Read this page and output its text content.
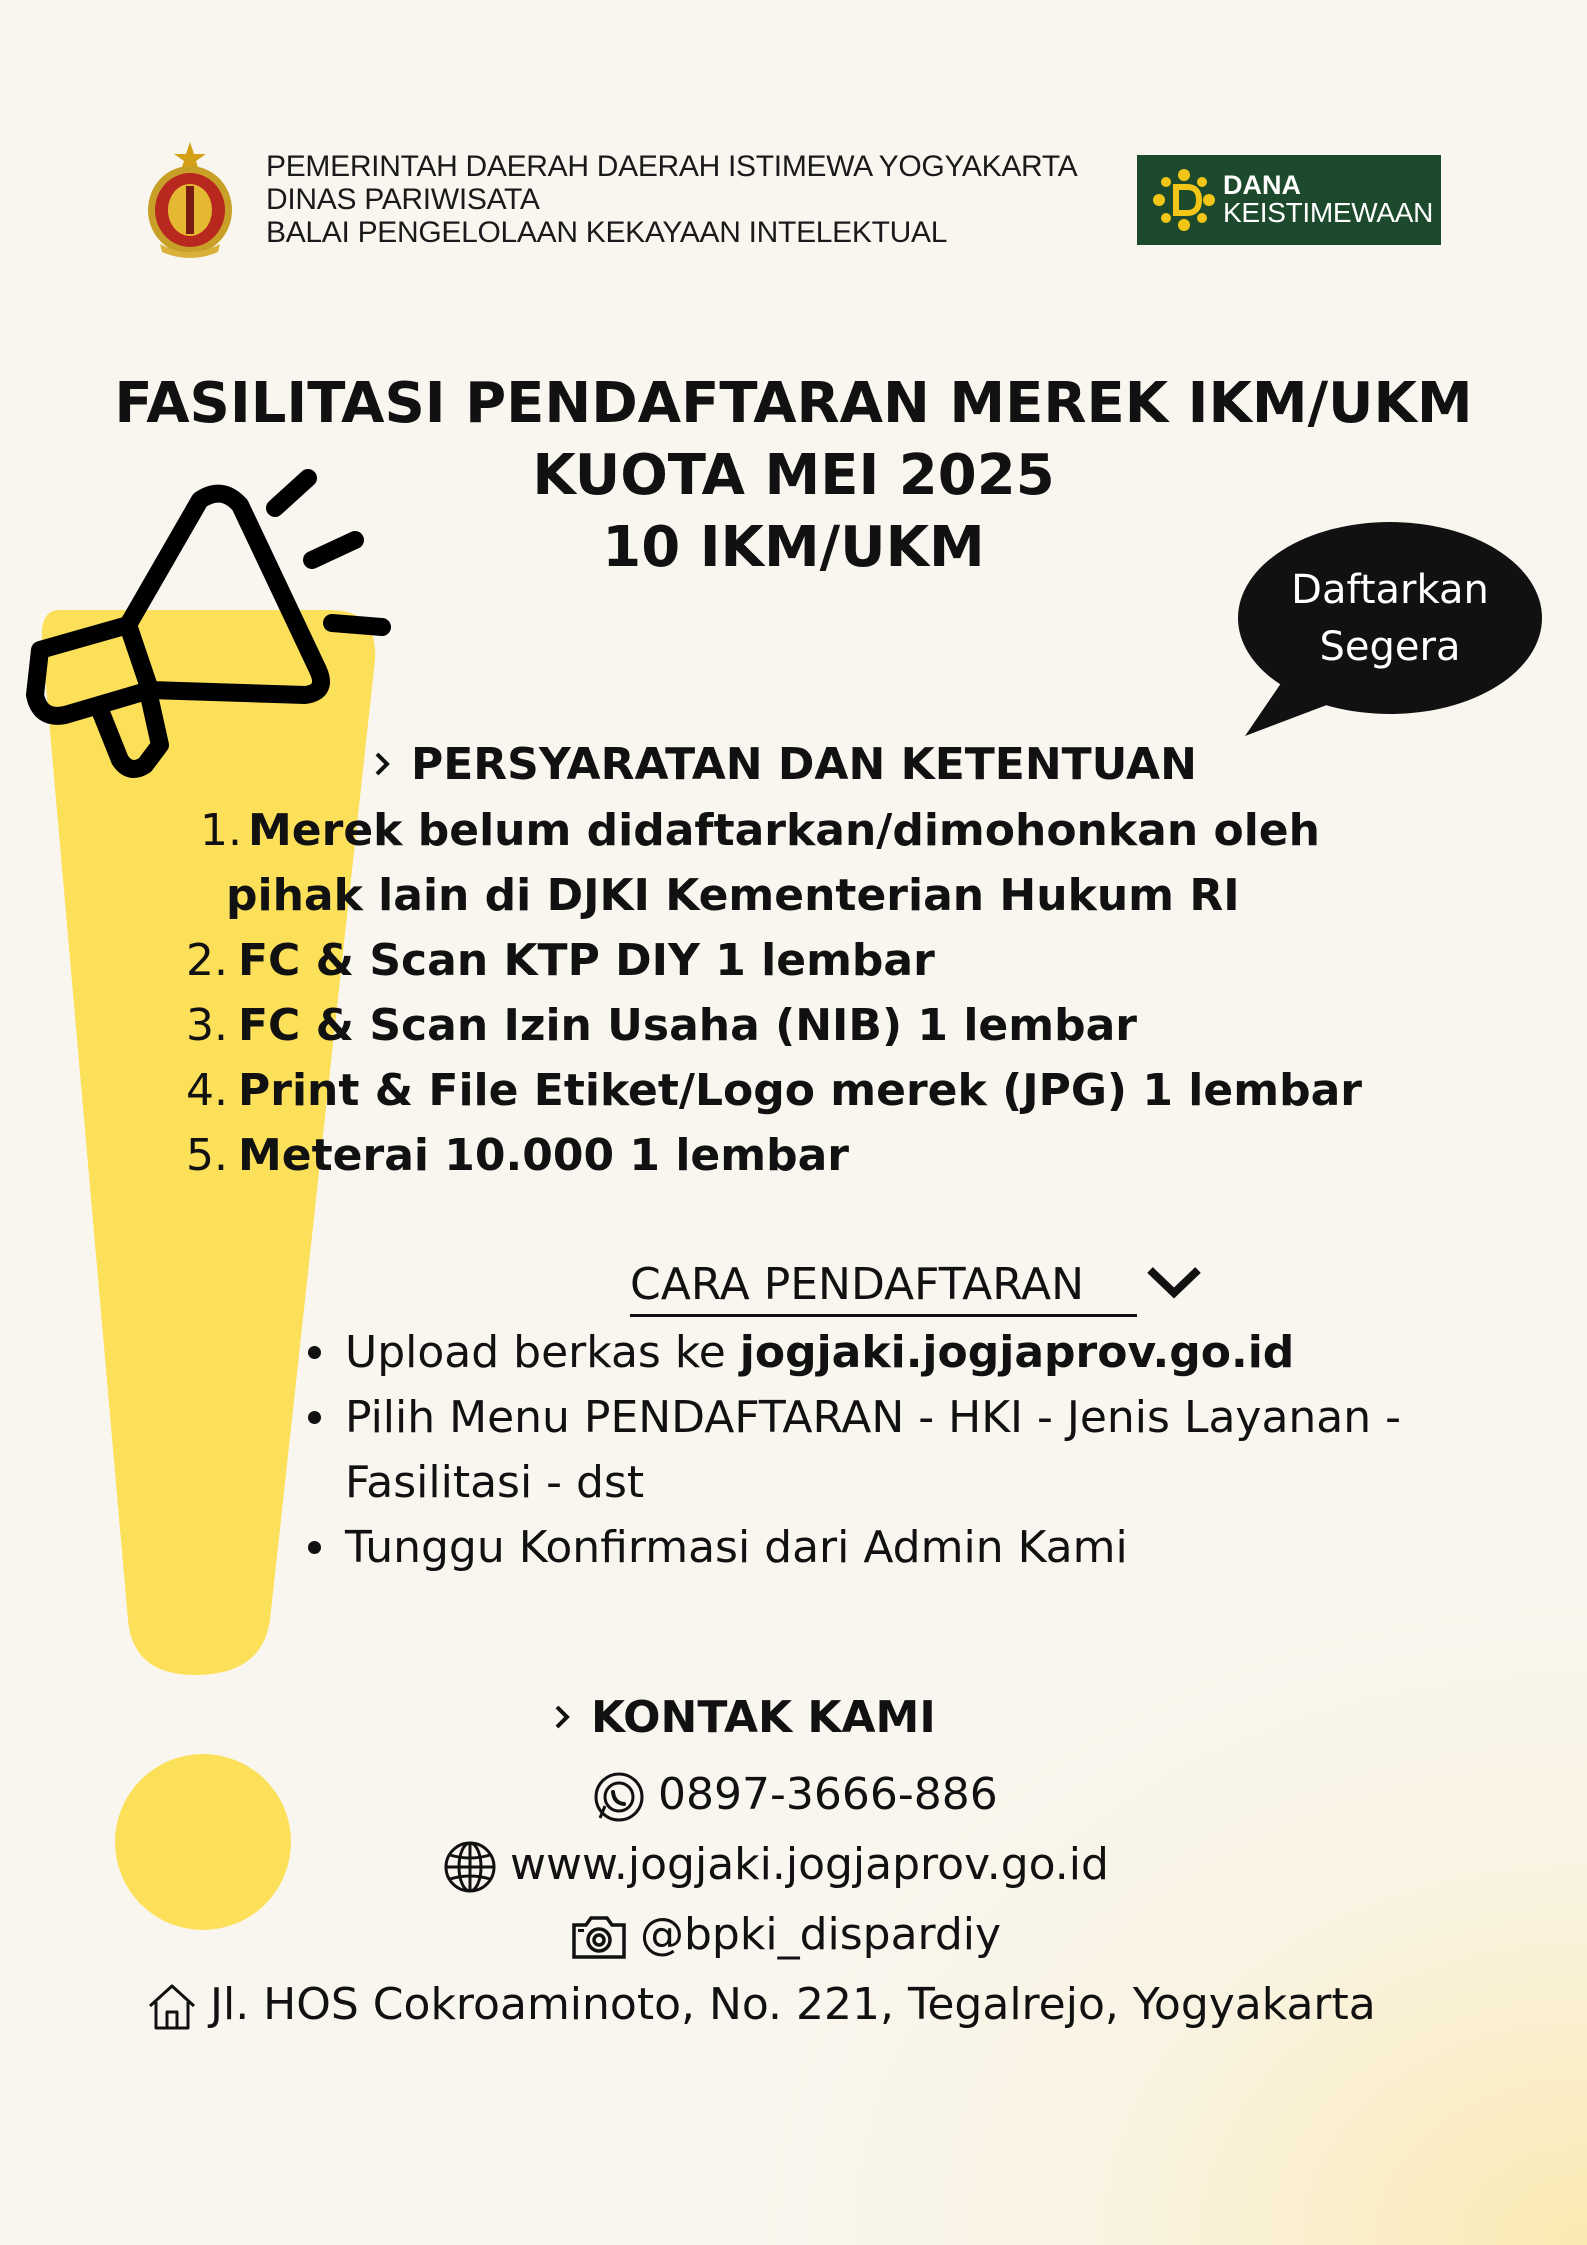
PEMERINTAH DAERAH DAERAH ISTIMEWA YOGYAKARTA
DINAS PARIWISATA
BALAI PENGELOLAAN KEKAYAAN INTELEKTUAL
DANA
KEISTIMEWAAN
FASILITASI PENDAFTARAN MEREK IKM/UKM
KUOTA MEI 2025
10 IKM/UKM
Daftarkan
Segera
PERSYARATAN DAN KETENTUAN
1. Merek belum didaftarkan/dimohonkan oleh
pihak lain di DJKI Kementerian Hukum RI
2. FC & Scan KTP DIY 1 lembar
3. FC & Scan Izin Usaha (NIB) 1 lembar
4. Print & File Etiket/Logo merek (JPG) 1 lembar
5. Meterai 10.000 1 lembar
CARA PENDAFTARAN
Upload berkas ke jogjaki.jogjaprov.go.id
Pilih Menu PENDAFTARAN - HKI - Jenis Layanan -
Fasilitasi - dst
Tunggu Konfirmasi dari Admin Kami
KONTAK KAMI
0897-3666-886
www.jogjaki.jogjaprov.go.id
@bpki_dispardiy
Jl. HOS Cokroaminoto, No. 221, Tegalrejo, Yogyakarta
